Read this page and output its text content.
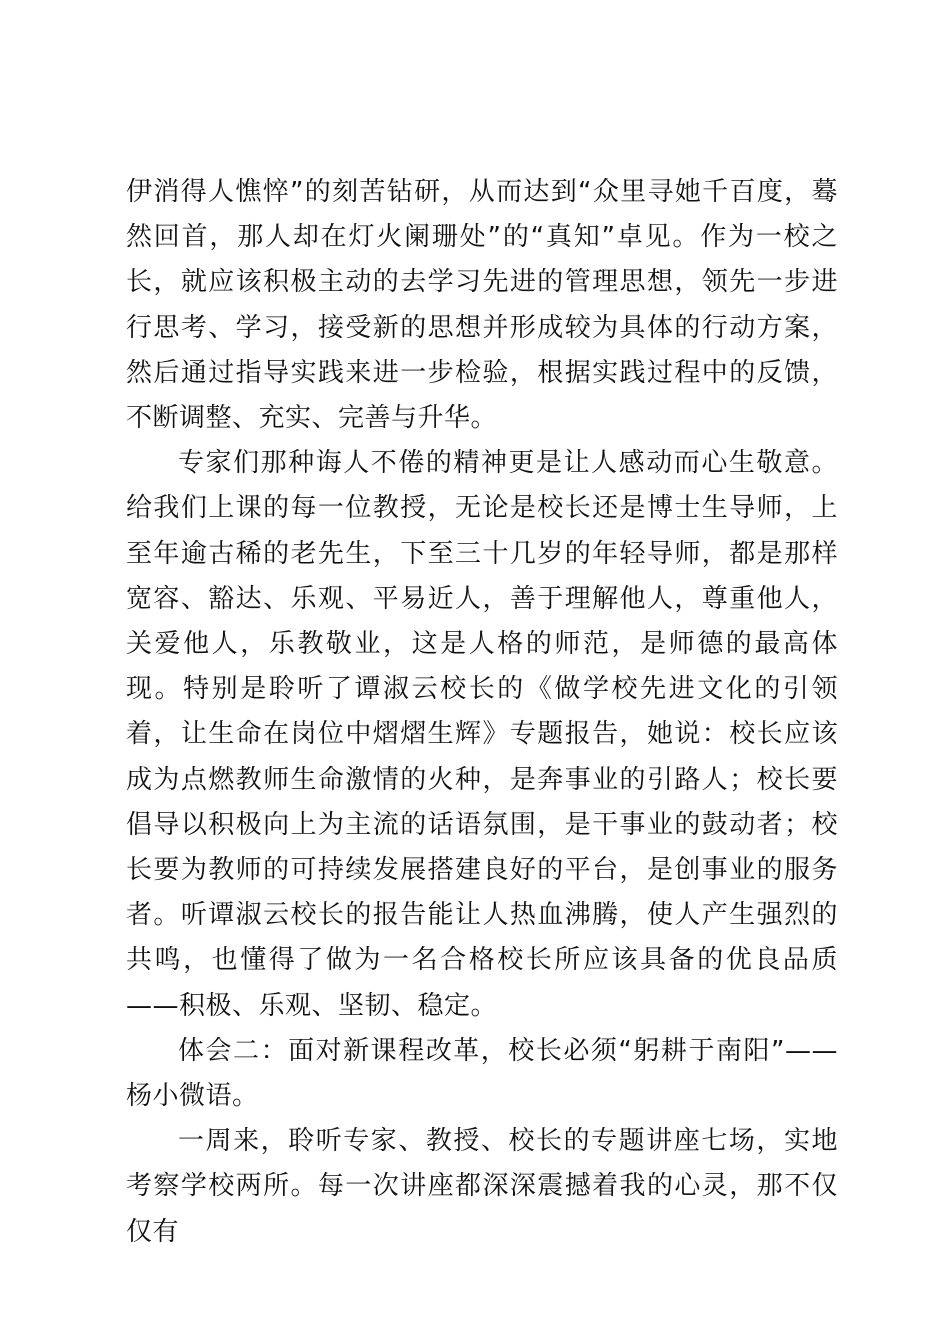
伊消得人憔悴”的刻苦钻研，从而达到“众里寻她千百度，蓦然回首，那人却在灯火阑珊处”的“真知”卓见。作为一校之长，就应该积极主动的去学习先进的管理思想，领先一步进行思考、学习，接受新的思想并形成较为具体的行动方案，然后通过指导实践来进一步检验，根据实践过程中的反馈，不断调整、充实、完善与升华。

专家们那种诲人不倦的精神更是让人感动而心生敬意。给我们上课的每一位教授，无论是校长还是博士生导师，上至年逾古稀的老先生，下至三十几岁的年轻导师，都是那样宽容、豁达、乐观、平易近人，善于理解他人，尊重他人，关爱他人，乐教敬业，这是人格的师范，是师德的最高体现。特别是聆听了谭淑云校长的《做学校先进文化的引领着，让生命在岗位中熠熠生辉》专题报告，她说：校长应该成为点燃教师生命激情的火种，是奔事业的引路人；校长要倡导以积极向上为主流的话语氛围，是干事业的鼓动者；校长要为教师的可持续发展搭建良好的平台，是创事业的服务者。听谭淑云校长的报告能让人热血沸腾，使人产生强烈的共鸣，也懂得了做为一名合格校长所应该具备的优良品质——积极、乐观、坚韧、稳定。

体会二：面对新课程改革，校长必须“躬耕于南阳”——杨小微语。

一周来，聆听专家、教授、校长的专题讲座七场，实地考察学校两所。每一次讲座都深深震撼着我的心灵，那不仅仅有
